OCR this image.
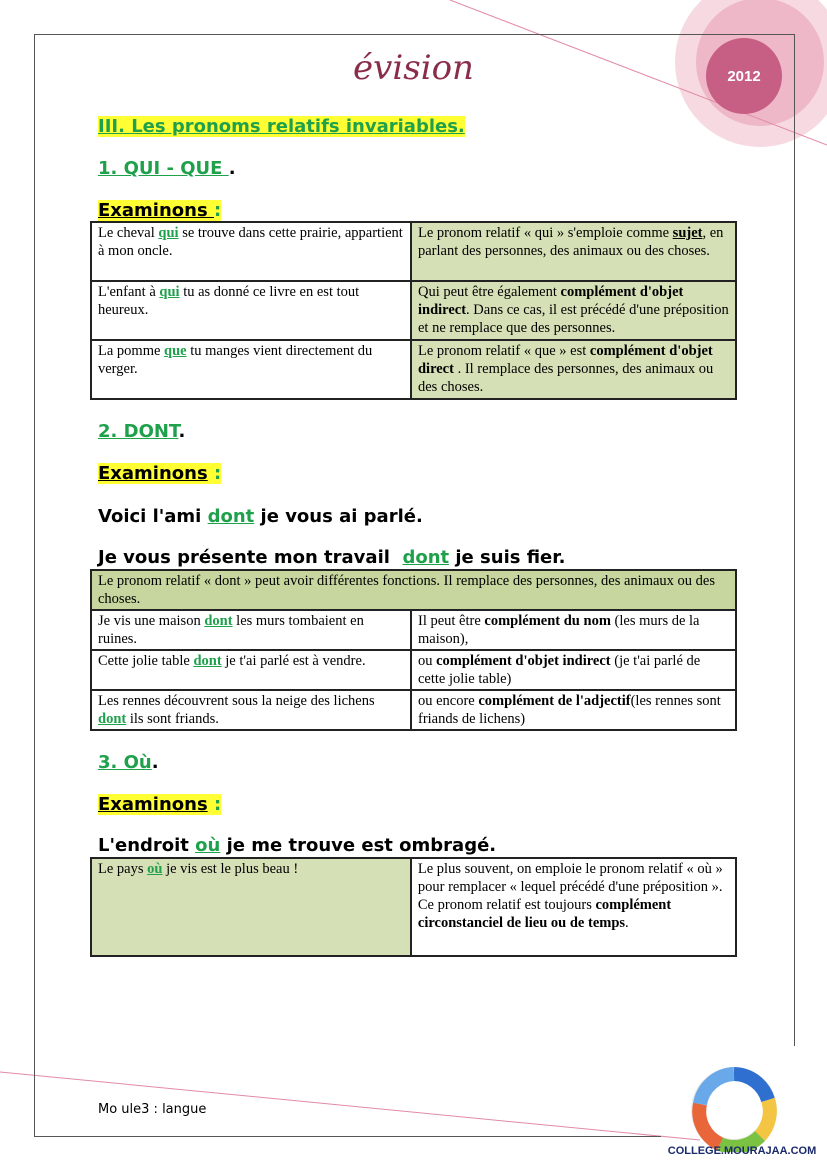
évision	2012
III. Les pronoms relatifs invariables.
1. QUI - QUE .
Examinons :
Le cheval qui se trouve dans cette prairie, appartient à mon oncle.	Le pronom relatif « qui » s'emploie comme sujet, en parlant des personnes, des animaux ou des choses.
L'enfant à qui tu as donné ce livre en est tout heureux.	Qui peut être également complément d'objet indirect. Dans ce cas, il est précédé d'une préposition et ne remplace que des personnes.
La pomme que tu manges vient directement du verger.	Le pronom relatif « que » est complément d'objet direct . Il remplace des personnes, des animaux ou des choses.
2. DONT.
Examinons :
Voici l'ami dont je vous ai parlé.
Je vous présente mon travail  dont je suis fier.
Le pronom relatif « dont » peut avoir différentes fonctions. Il remplace des personnes, des animaux ou des choses.	
Je vis une maison dont les murs tombaient en ruines.	Il peut être complément du nom (les murs de la maison),
Cette jolie table dont je t'ai parlé est à vendre.	ou complément d'objet indirect (je t'ai parlé de cette jolie table)
Les rennes découvrent sous la neige des lichens dont ils sont friands.	ou encore complément de l'adjectif(les rennes sont friands de lichens)
3. Où.
Examinons :
L'endroit où je me trouve est ombragé.
Le pays où je vis est le plus beau !	Le plus souvent, on emploie le pronom relatif « où » pour remplacer « lequel précédé d'une préposition ». Ce pronom relatif est toujours complément circonstanciel de lieu ou de temps.
Mo ule3 : langue
COLLEGE.MOURAJAA.COM
